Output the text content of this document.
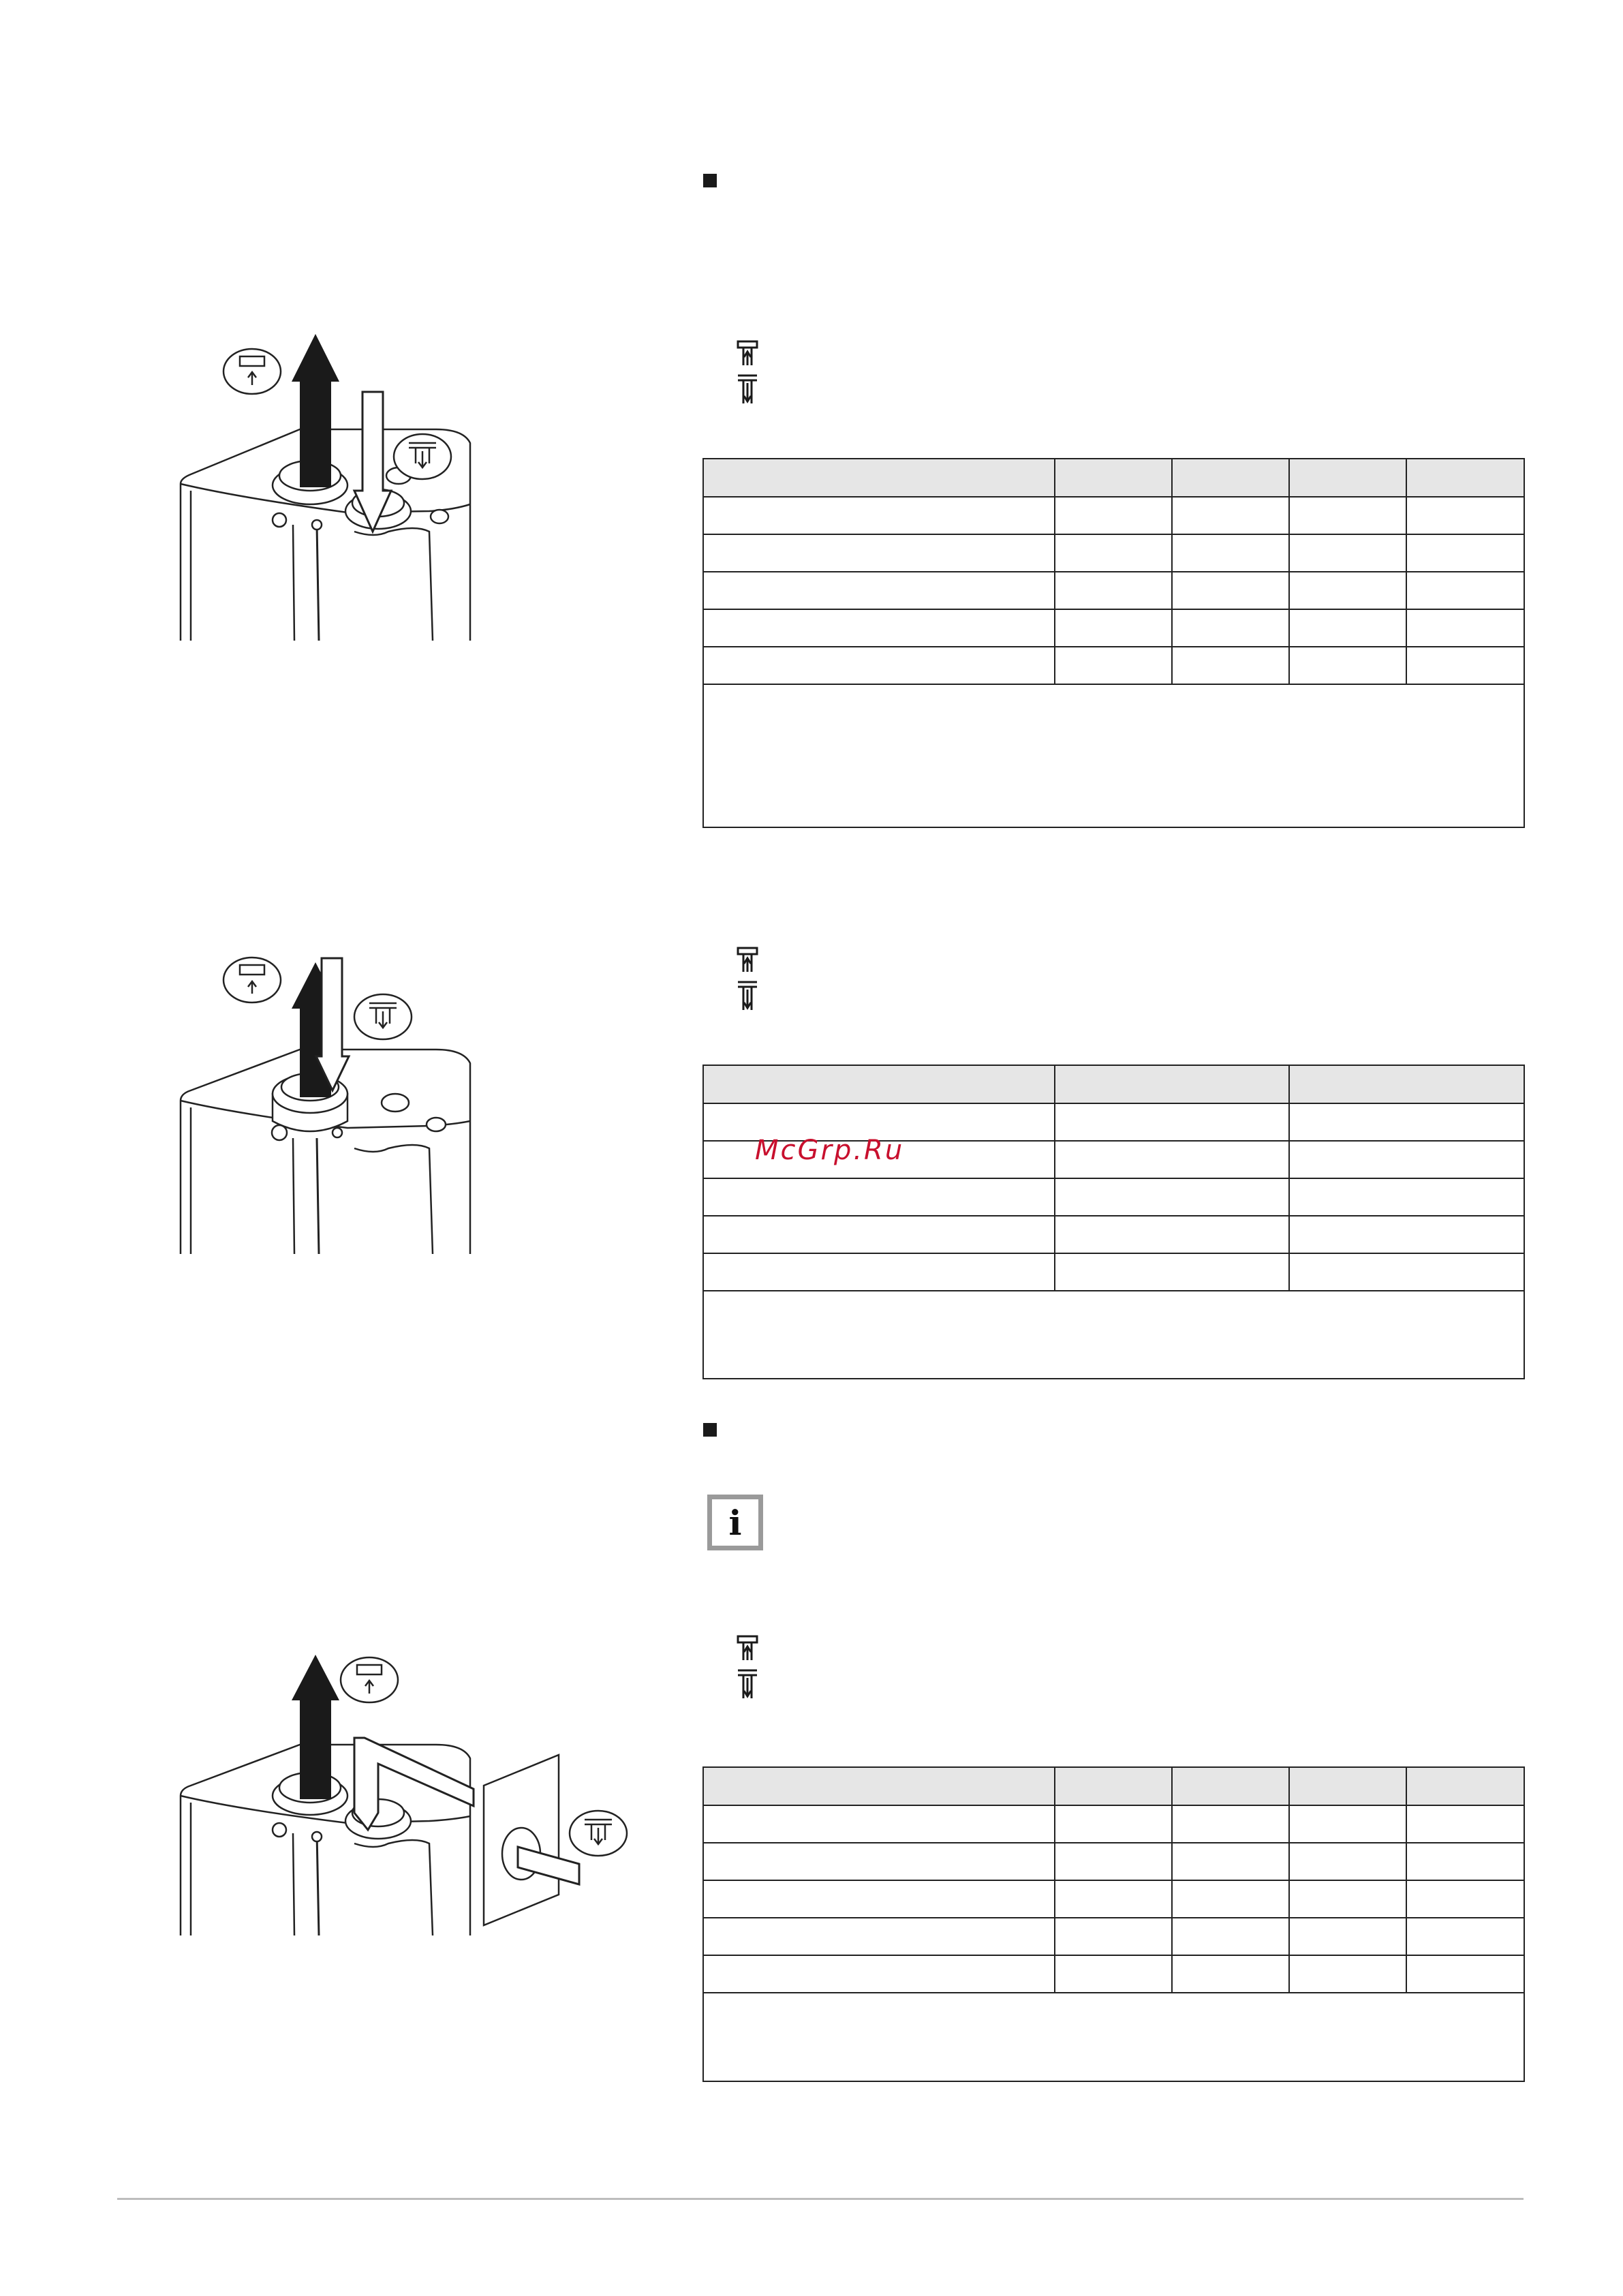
McGrp.Ru
i
